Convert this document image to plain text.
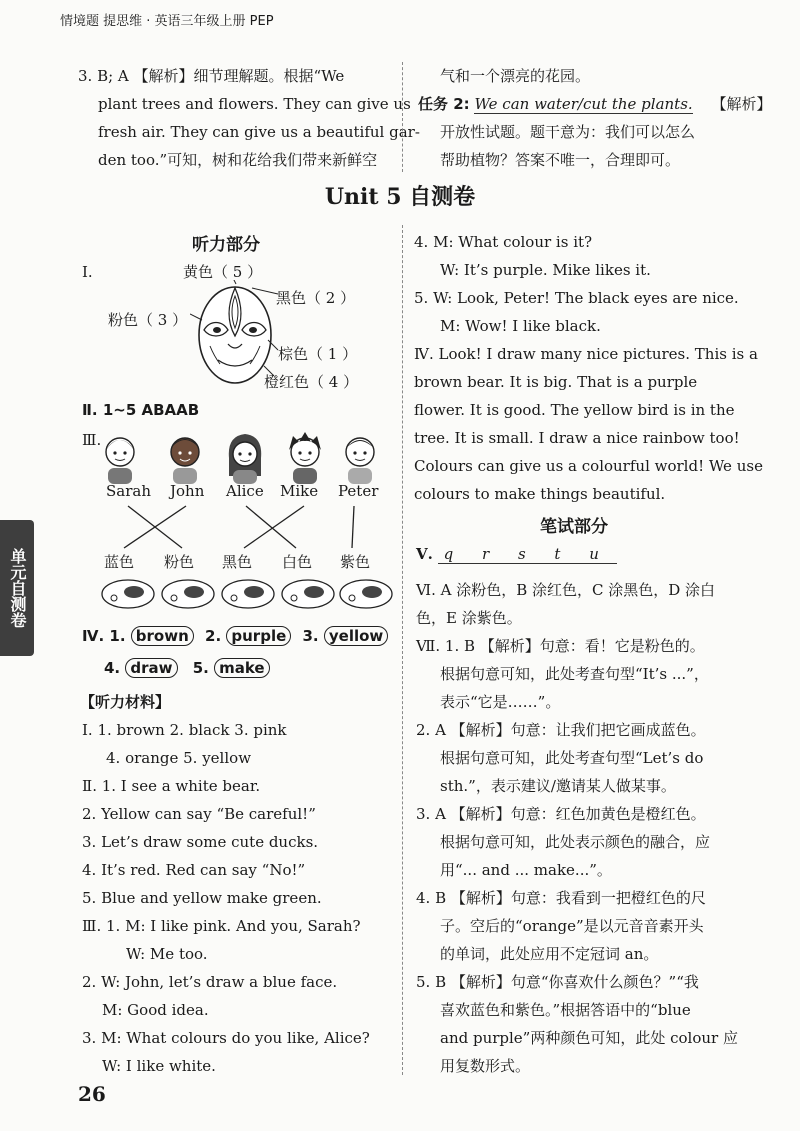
情境题 提思维 · 英语三年级上册 PEP
3. B; A 【解析】细节理解题。根据“We
plant trees and flowers. They can give us
fresh air. They can give us a beautiful gar-
den too.”可知，树和花给我们带来新鲜空
气和一个漂亮的花园。
任务 2: We can water/cut the plants. 【解析】
开放性试题。题干意为：我们可以怎么
帮助植物？答案不唯一，合理即可。
Unit 5 自测卷
听力部分
Ⅰ.	黄色（ 5 ）
黑色（ 2 ）
粉色（ 3 ）
棕色（ 1 ）
橙红色（ 4 ）
Ⅱ. 1~5 ABAAB
Ⅲ.
Sarah John Alice Mike Peter
蓝色 粉色 黑色 白色 紫色
Ⅳ. 1. brown 2. purple 3. yellow
4. draw 5. make
【听力材料】
Ⅰ. 1. brown 2. black 3. pink
4. orange 5. yellow
Ⅱ. 1. I see a white bear.
2. Yellow can say “Be careful!”
3. Let’s draw some cute ducks.
4. It’s red. Red can say “No!”
5. Blue and yellow make green.
Ⅲ. 1. M: I like pink. And you, Sarah?
W: Me too.
2. W: John, let’s draw a blue face.
M: Good idea.
3. M: What colours do you like, Alice?
W: I like white.
4. M: What colour is it?
W: It’s purple. Mike likes it.
5. W: Look, Peter! The black eyes are nice.
M: Wow! I like black.
Ⅳ. Look! I draw many nice pictures. This is a
brown bear. It is big. That is a purple
flower. It is good. The yellow bird is in the
tree. It is small. I draw a nice rainbow too!
Colours can give us a colourful world! We use
colours to make things beautiful.
笔试部分
Ⅴ. q r s t u
Ⅵ. A 涂粉色，B 涂红色，C 涂黑色，D 涂白
色，E 涂紫色。
Ⅶ. 1. B 【解析】句意：看！它是粉色的。
根据句意可知，此处考查句型“It’s ...”，
表示“它是……”。
2. A 【解析】句意：让我们把它画成蓝色。
根据句意可知，此处考查句型“Let’s do
sth.”，表示建议/邀请某人做某事。
3. A 【解析】句意：红色加黄色是橙红色。
根据句意可知，此处表示颜色的融合，应
用“... and ... make...”。
4. B 【解析】句意：我看到一把橙红色的尺
子。空后的“orange”是以元音音素开头
的单词，此处应用不定冠词 an。
5. B 【解析】句意“你喜欢什么颜色？”“我
喜欢蓝色和紫色。”根据答语中的“blue
and purple”两种颜色可知，此处 colour 应
用复数形式。
单元自测卷
26
